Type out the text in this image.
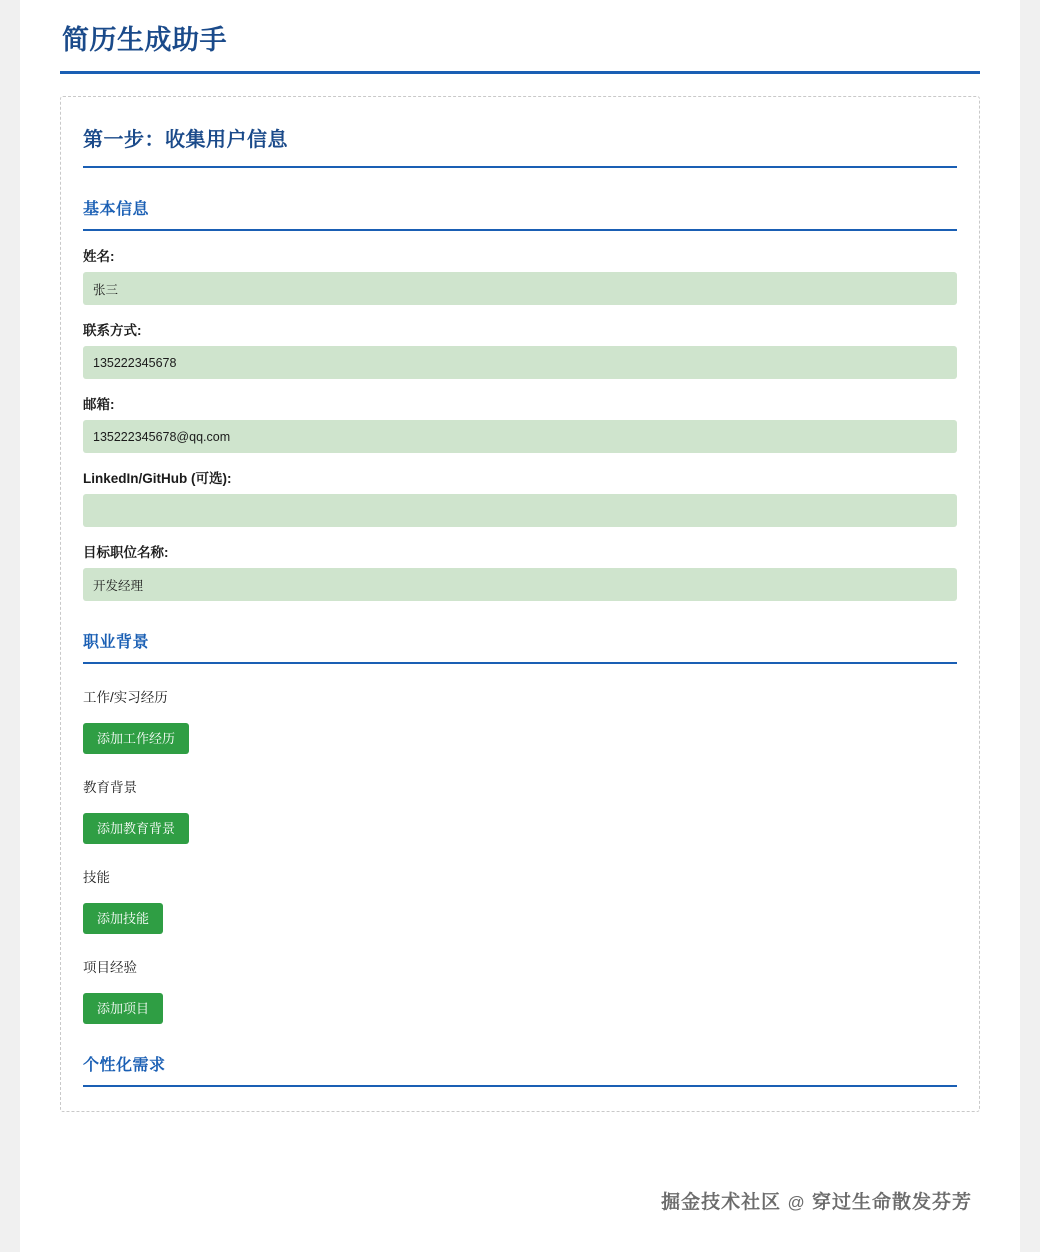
简历生成助手
第一步：收集用户信息
基本信息
姓名:
张三
联系方式:
135222345678
邮箱:
135222345678@qq.com
LinkedIn/GitHub (可选):
目标职位名称:
开发经理
职业背景
工作/实习经历
添加工作经历
教育背景
添加教育背景
技能
添加技能
项目经验
添加项目
个性化需求
掘金技术社区 @ 穿过生命散发芬芳
